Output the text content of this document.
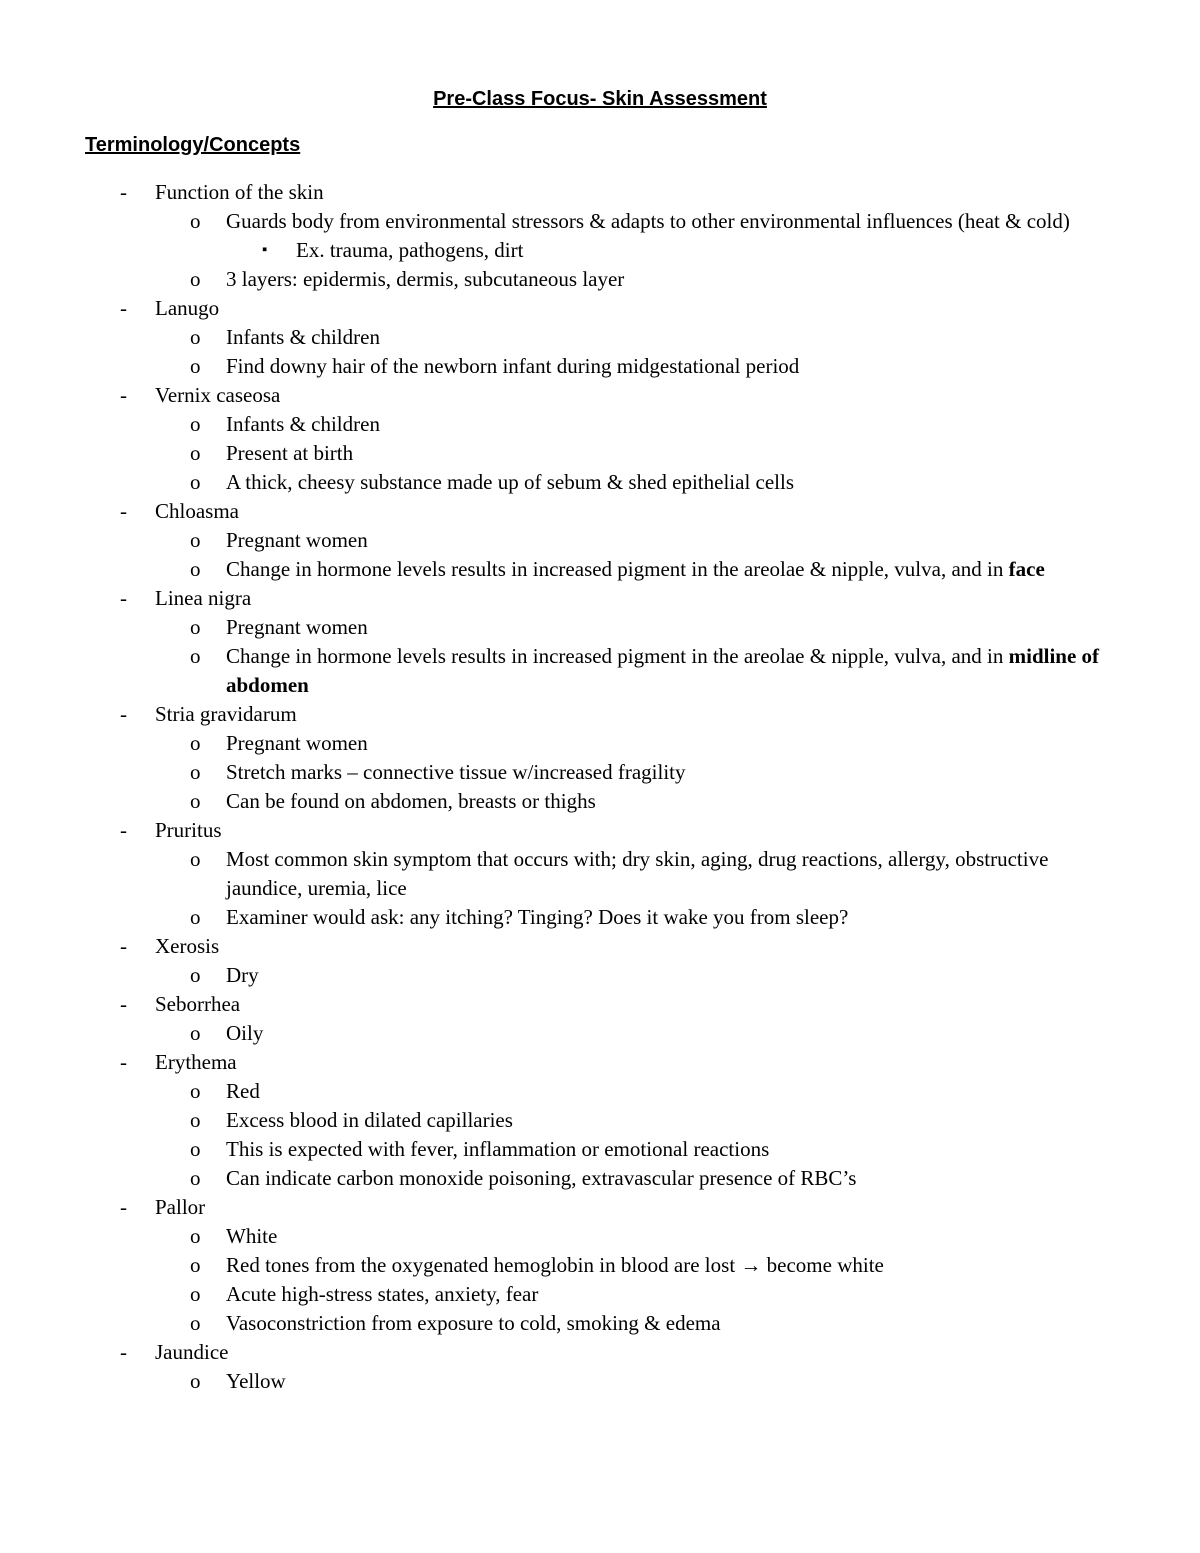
Pre-Class Focus- Skin Assessment
Terminology/Concepts
- Function of the skin
o Guards body from environmental stressors & adapts to other environmental influences (heat & cold)
▪ Ex. trauma, pathogens, dirt
o 3 layers: epidermis, dermis, subcutaneous layer
- Lanugo
o Infants & children
o Find downy hair of the newborn infant during midgestational period
- Vernix caseosa
o Infants & children
o Present at birth
o A thick, cheesy substance made up of sebum & shed epithelial cells
- Chloasma
o Pregnant women
o Change in hormone levels results in increased pigment in the areolae & nipple, vulva, and in face
- Linea nigra
o Pregnant women
o Change in hormone levels results in increased pigment in the areolae & nipple, vulva, and in midline of abdomen
- Stria gravidarum
o Pregnant women
o Stretch marks – connective tissue w/increased fragility
o Can be found on abdomen, breasts or thighs
- Pruritus
o Most common skin symptom that occurs with; dry skin, aging, drug reactions, allergy, obstructive jaundice, uremia, lice
o Examiner would ask: any itching? Tinging? Does it wake you from sleep?
- Xerosis
o Dry
- Seborrhea
o Oily
- Erythema
o Red
o Excess blood in dilated capillaries
o This is expected with fever, inflammation or emotional reactions
o Can indicate carbon monoxide poisoning, extravascular presence of RBC’s
- Pallor
o White
o Red tones from the oxygenated hemoglobin in blood are lost → become white
o Acute high-stress states, anxiety, fear
o Vasoconstriction from exposure to cold, smoking & edema
- Jaundice
o Yellow
